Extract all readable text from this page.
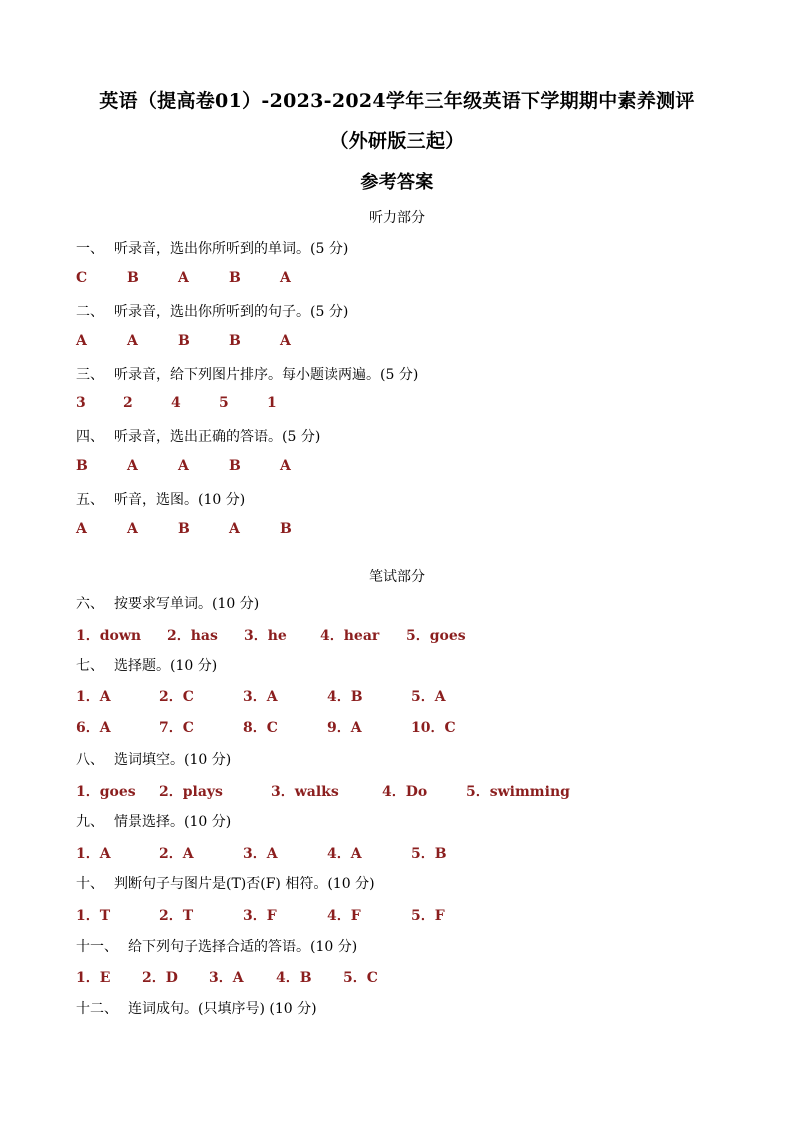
英语（提高卷01）-2023-2024学年三年级英语下学期期中素养测评
（外研版三起）
参考答案
听力部分
一、 听录音，选出你所听到的单词。(5 分)
C	B	A	B	A
二、 听录音，选出你所听到的句子。(5 分)
A	A	B	B	A
三、 听录音，给下列图片排序。每小题读两遍。(5 分)
3	2	4	5	1
四、 听录音，选出正确的答语。(5 分)
B	A	A	B	A
五、 听音，选图。(10 分)
A	A	B	A	B
笔试部分
六、 按要求写单词。(10 分)
1．down 2．has 3．he 4．hear 5．goes
七、 选择题。(10 分)
1．A	2．C	3．A	4．B	5．A
6．A	7．C	8．C	9．A	10．C
八、 选词填空。(10 分)
1．goes 2．plays	3．walks	4．Do	5．swimming
九、 情景选择。(10 分)
1．A	2．A	3．A	4．A	5．B
十、 判断句子与图片是(T)否(F) 相符。(10 分)
1．T	2．T	3．F	4．F	5．F
十一、 给下列句子选择合适的答语。(10 分)
1．E 2．D 3．A 4．B 5．C
十二、 连词成句。(只填序号) (10 分)
